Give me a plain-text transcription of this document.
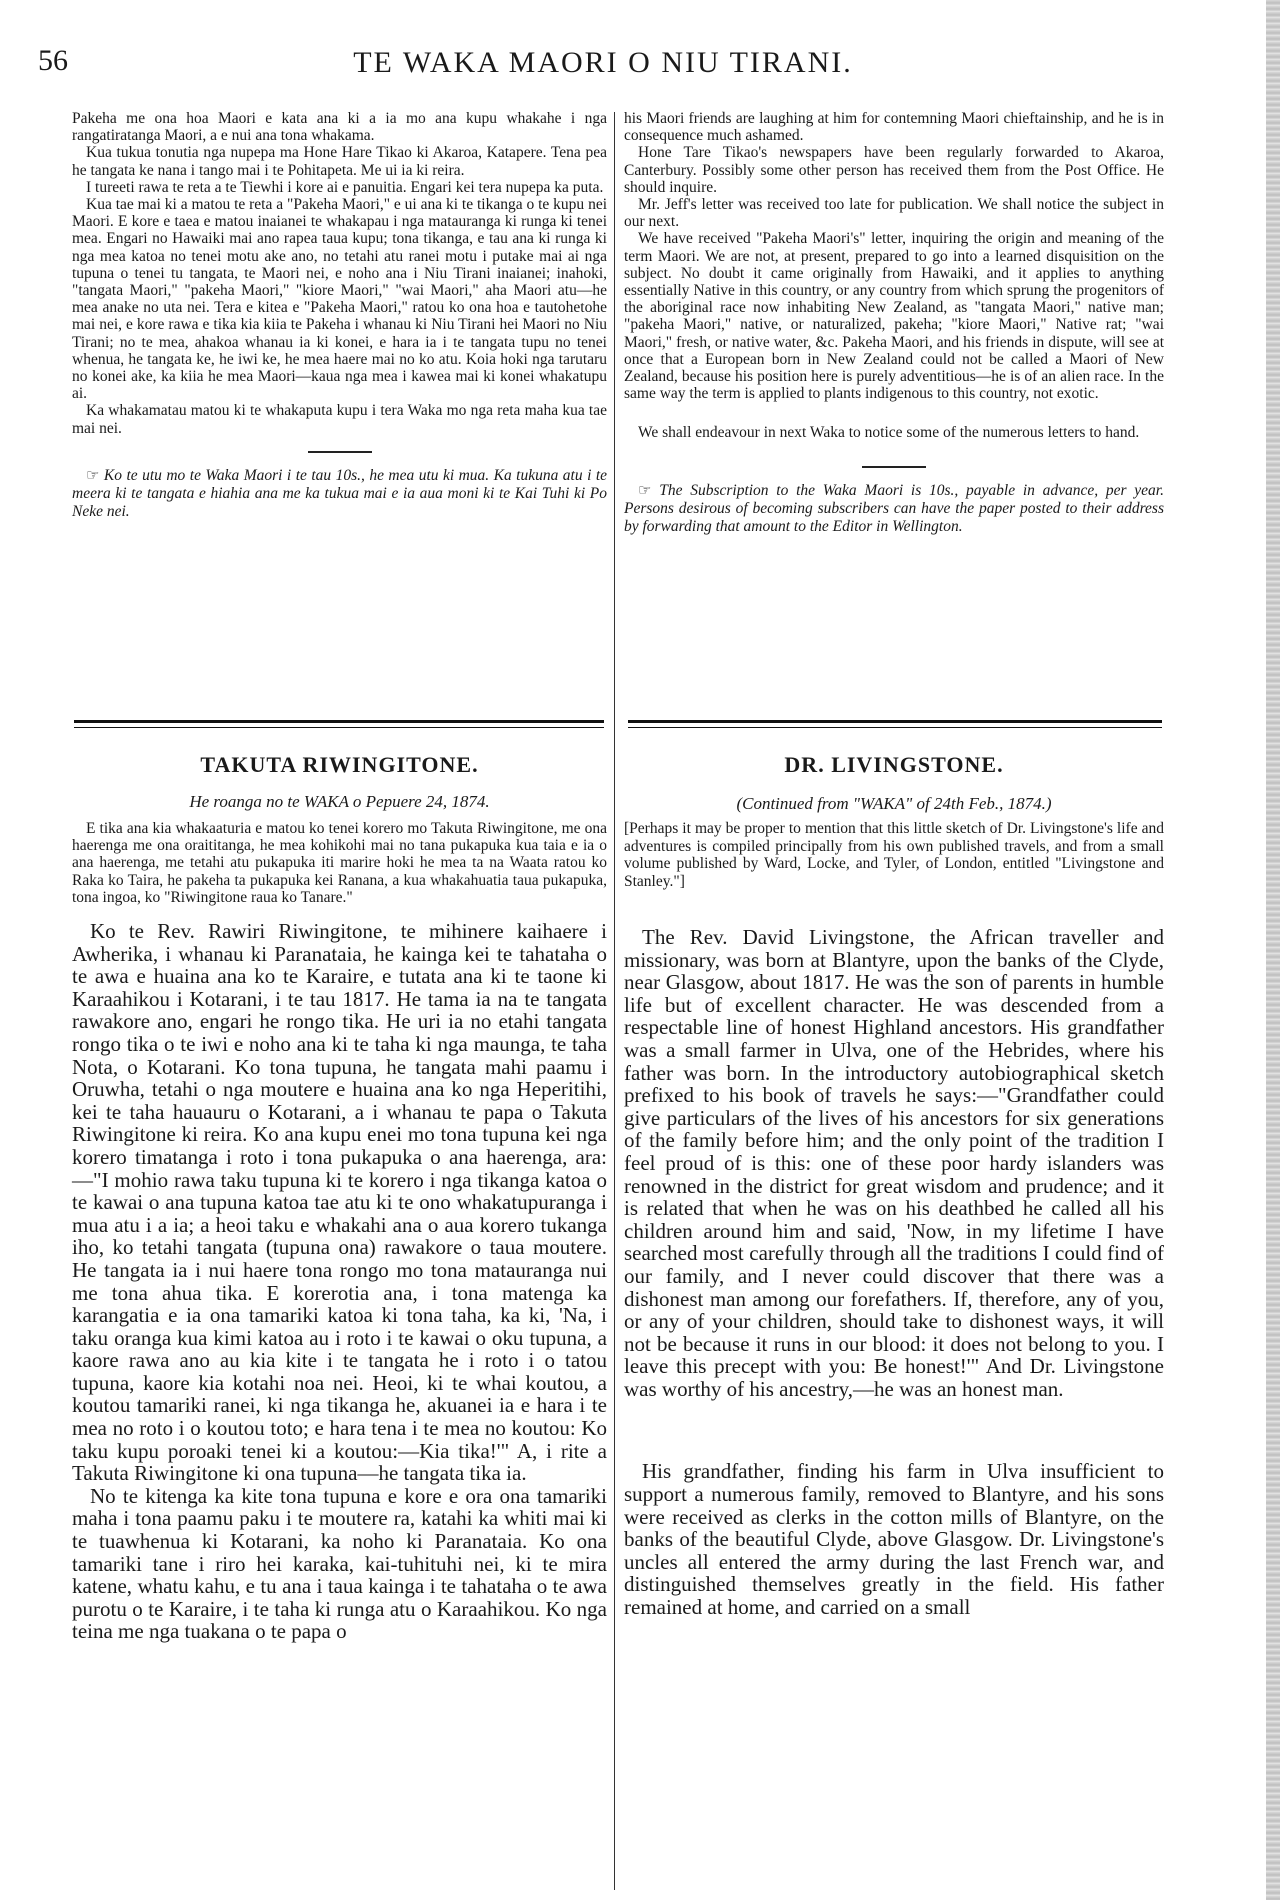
56	TE WAKA MAORI O NIU TIRANI.

Pakeha me ona hoa Maori e kata ana ki a ia mo ana kupu whakahe i nga rangatiratanga Maori, a e nui ana tona whakama.

Kua tukua tonutia nga nupepa ma Hone Hare Tikao ki Akaroa, Katapere. Tena pea he tangata ke nana i tango mai i te Pohitapeta. Me ui ia ki reira.

I tureeti rawa te reta a te Tiewhi i kore ai e panuitia. Engari kei tera nupepa ka puta.

Kua tae mai ki a matou te reta a "Pakeha Maori," e ui ana ki te tikanga o te kupu nei Maori. E kore e taea e matou inaianei te whakapau i nga matauranga ki runga ki tenei mea. Engari no Hawaiki mai ano rapea taua kupu; tona tikanga, e tau ana ki runga ki nga mea katoa no tenei motu ake ano, no tetahi atu ranei motu i putake mai ai nga tupuna o tenei tu tangata, te Maori nei, e noho ana i Niu Tirani inaianei; inahoki, "tangata Maori," "pakeha Maori," "kiore Maori," "wai Maori," aha Maori atu—he mea anake no uta nei. Tera e kitea e "Pakeha Maori," ratou ko ona hoa e tautohetohe mai nei, e kore rawa e tika kia kiia te Pakeha i whanau ki Niu Tirani hei Maori no Niu Tirani; no te mea, ahakoa whanau ia ki konei, e hara ia i te tangata tupu no tenei whenua, he tangata ke, he iwi ke, he mea haere mai no ko atu. Koia hoki nga tarutaru no konei ake, ka kiia he mea Maori—kaua nga mea i kawea mai ki konei whakatupu ai.

Ka whakamatau matou ki te whakaputa kupu i tera Waka mo nga reta maha kua tae mai nei.

☞ Ko te utu mo te Waka Maori i te tau 10s., he mea utu ki mua. Ka tukuna atu i te meera ki te tangata e hiahia ana me ka tukua mai e ia aua moni ki te Kai Tuhi ki Po Neke nei.

his Maori friends are laughing at him for contemning Maori chieftainship, and he is in consequence much ashamed.

Hone Tare Tikao's newspapers have been regularly forwarded to Akaroa, Canterbury. Possibly some other person has received them from the Post Office. He should inquire.

Mr. Jeff's letter was received too late for publication. We shall notice the subject in our next.

We have received "Pakeha Maori's" letter, inquiring the origin and meaning of the term Maori. We are not, at present, prepared to go into a learned disquisition on the subject. No doubt it came originally from Hawaiki, and it applies to anything essentially Native in this country, or any country from which sprung the progenitors of the aboriginal race now inhabiting New Zealand, as "tangata Maori," native man; "pakeha Maori," native, or naturalized, pakeha; "kiore Maori," Native rat; "wai Maori," fresh, or native water, &c. Pakeha Maori, and his friends in dispute, will see at once that a European born in New Zealand could not be called a Maori of New Zealand, because his position here is purely adventitious—he is of an alien race. In the same way the term is applied to plants indigenous to this country, not exotic.

We shall endeavour in next Waka to notice some of the numerous letters to hand.

☞ The Subscription to the Waka Maori is 10s., payable in advance, per year. Persons desirous of becoming subscribers can have the paper posted to their address by forwarding that amount to the Editor in Wellington.

TAKUTA RIWINGITONE.

He roanga no te WAKA o Pepuere 24, 1874.

E tika ana kia whakaaturia e matou ko tenei korero mo Takuta Riwingitone, me ona haerenga me ona oraititanga, he mea kohikohi mai no tana pukapuka kua taia e ia o ana haerenga, me tetahi atu pukapuka iti marire hoki he mea ta na Waata ratou ko Raka ko Taira, he pakeha ta pukapuka kei Ranana, a kua whakahuatia taua pukapuka, tona ingoa, ko "Riwingitone raua ko Tanare."

Ko te Rev. Rawiri Riwingitone, te mihinere kaihaere i Awherika, i whanau ki Paranataia, he kainga kei te tahataha o te awa e huaina ana ko te Karaire, e tutata ana ki te taone ki Karaahikou i Kotarani, i te tau 1817. He tama ia na te tangata rawakore ano, engari he rongo tika. He uri ia no etahi tangata rongo tika o te iwi e noho ana ki te taha ki nga maunga, te taha Nota, o Kotarani. Ko tona tupuna, he tangata mahi paamu i Oruwha, tetahi o nga moutere e huaina ana ko nga Heperitihi, kei te taha hauauru o Kotarani, a i whanau te papa o Takuta Riwingitone ki reira. Ko ana kupu enei mo tona tupuna kei nga korero timatanga i roto i tona pukapuka o ana haerenga, ara:—"I mohio rawa taku tupuna ki te korero i nga tikanga katoa o te kawai o ana tupuna katoa tae atu ki te ono whakatupuranga i mua atu i a ia; a heoi taku e whakahi ana o aua korero tukanga iho, ko tetahi tangata (tupuna ona) rawakore o taua moutere. He tangata ia i nui haere tona rongo mo tona matauranga nui me tona ahua tika. E korerotia ana, i tona matenga ka karangatia e ia ona tamariki katoa ki tona taha, ka ki, 'Na, i taku oranga kua kimi katoa au i roto i te kawai o oku tupuna, a kaore rawa ano au kia kite i te tangata he i roto i o tatou tupuna, kaore kia kotahi noa nei. Heoi, ki te whai koutou, a koutou tamariki ranei, ki nga tikanga he, akuanei ia e hara i te mea no roto i o koutou toto; e hara tena i te mea no koutou: Ko taku kupu poroaki tenei ki a koutou:—Kia tika!'" A, i rite a Takuta Riwingitone ki ona tupuna—he tangata tika ia.

No te kitenga ka kite tona tupuna e kore e ora ona tamariki maha i tona paamu paku i te moutere ra, katahi ka whiti mai ki te tuawhenua ki Kotarani, ka noho ki Paranataia. Ko ona tamariki tane i riro hei karaka, kai-tuhituhi nei, ki te mira katene, whatu kahu, e tu ana i taua kainga i te tahataha o te awa purotu o te Karaire, i te taha ki runga atu o Karaahikou. Ko nga teina me nga tuakana o te papa o

DR. LIVINGSTONE.

(Continued from "WAKA" of 24th Feb., 1874.)

[Perhaps it may be proper to mention that this little sketch of Dr. Livingstone's life and adventures is compiled principally from his own published travels, and from a small volume published by Ward, Locke, and Tyler, of London, entitled "Livingstone and Stanley."]

The Rev. David Livingstone, the African traveller and missionary, was born at Blantyre, upon the banks of the Clyde, near Glasgow, about 1817. He was the son of parents in humble life but of excellent character. He was descended from a respectable line of honest Highland ancestors. His grandfather was a small farmer in Ulva, one of the Hebrides, where his father was born. In the introductory autobiographical sketch prefixed to his book of travels he says:—"Grandfather could give particulars of the lives of his ancestors for six generations of the family before him; and the only point of the tradition I feel proud of is this: one of these poor hardy islanders was renowned in the district for great wisdom and prudence; and it is related that when he was on his deathbed he called all his children around him and said, 'Now, in my lifetime I have searched most carefully through all the traditions I could find of our family, and I never could discover that there was a dishonest man among our forefathers. If, therefore, any of you, or any of your children, should take to dishonest ways, it will not be because it runs in our blood: it does not belong to you. I leave this precept with you: Be honest!'" And Dr. Livingstone was worthy of his ancestry,—he was an honest man.

His grandfather, finding his farm in Ulva insufficient to support a numerous family, removed to Blantyre, and his sons were received as clerks in the cotton mills of Blantyre, on the banks of the beautiful Clyde, above Glasgow. Dr. Livingstone's uncles all entered the army during the last French war, and distinguished themselves greatly in the field. His father remained at home, and carried on a small
